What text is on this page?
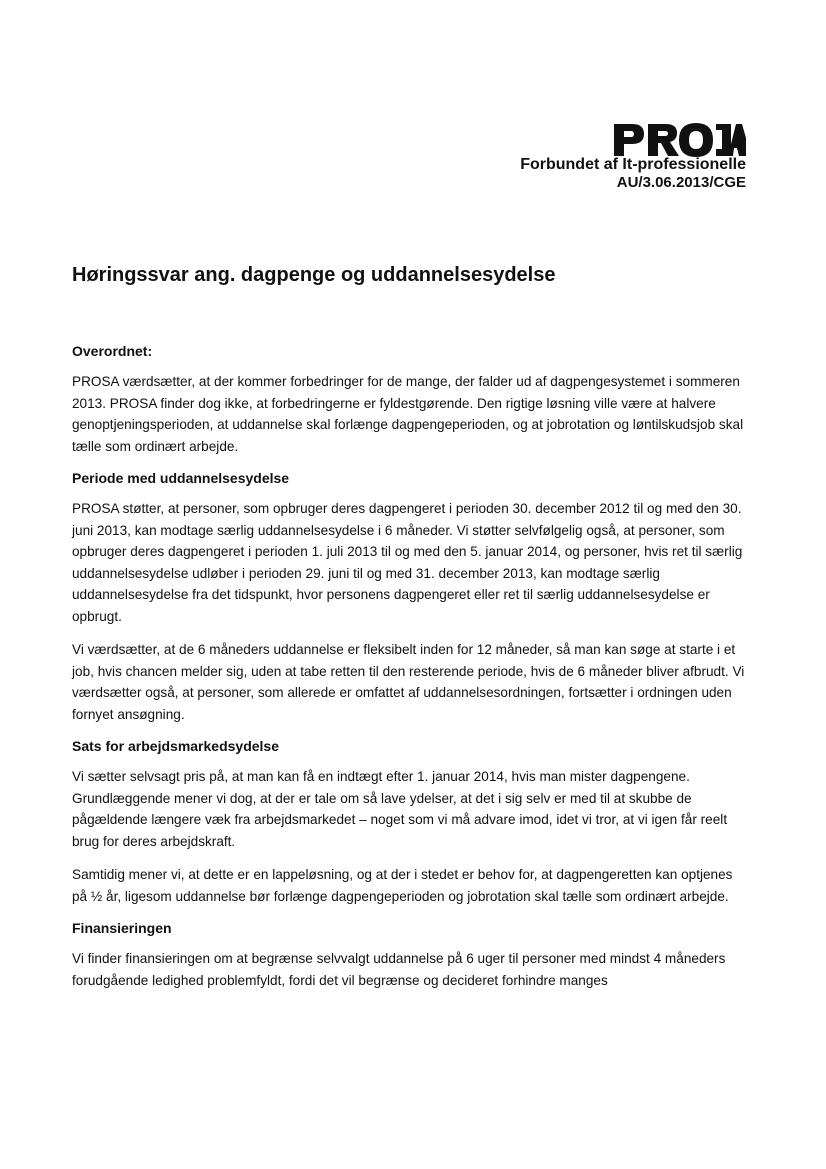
Forbundet af It-professionelle
AU/3.06.2013/CGE
Høringssvar ang. dagpenge og uddannelsesydelse
Overordnet:

PROSA værdsætter, at der kommer forbedringer for de mange, der falder ud af dagpengesystemet i sommeren 2013. PROSA finder dog ikke, at forbedringerne er fyldestgørende. Den rigtige løsning ville være at halvere genoptjeningsperioden, at uddannelse skal forlænge dagpengeperioden, og at jobrotation og løntilskudsjob skal tælle som ordinært arbejde.

Periode med uddannelsesydelse

PROSA støtter, at personer, som opbruger deres dagpengeret i perioden 30. december 2012 til og med den 30. juni 2013, kan modtage særlig uddannelsesydelse i 6 måneder. Vi støtter selvfølgelig også, at personer, som opbruger deres dagpengeret i perioden 1. juli 2013 til og med den 5. januar 2014, og personer, hvis ret til særlig uddannelsesydelse udløber i perioden 29. juni til og med 31. december 2013, kan modtage særlig uddannelsesydelse fra det tidspunkt, hvor personens dagpengeret eller ret til særlig uddannelsesydelse er opbrugt.

Vi værdsætter, at de 6 måneders uddannelse er fleksibelt inden for 12 måneder, så man kan søge at starte i et job, hvis chancen melder sig, uden at tabe retten til den resterende periode, hvis de 6 måneder bliver afbrudt. Vi værdsætter også, at personer, som allerede er omfattet af uddannelsesordningen, fortsætter i ordningen uden fornyet ansøgning.

Sats for arbejdsmarkedsydelse

Vi sætter selvsagt pris på, at man kan få en indtægt efter 1. januar 2014, hvis man mister dagpengene. Grundlæggende mener vi dog, at der er tale om så lave ydelser, at det i sig selv er med til at skubbe de pågældende længere væk fra arbejdsmarkedet – noget som vi må advare imod, idet vi tror, at vi igen får reelt brug for deres arbejdskraft.

Samtidig mener vi, at dette er en lappeløsning, og at der i stedet er behov for, at dagpengeretten kan optjenes på ½ år, ligesom uddannelse bør forlænge dagpengeperioden og jobrotation skal tælle som ordinært arbejde.

Finansieringen

Vi finder finansieringen om at begrænse selvvalgt uddannelse på 6 uger til personer med mindst 4 måneders forudgående ledighed problemfyldt, fordi det vil begrænse og decideret forhindre manges
